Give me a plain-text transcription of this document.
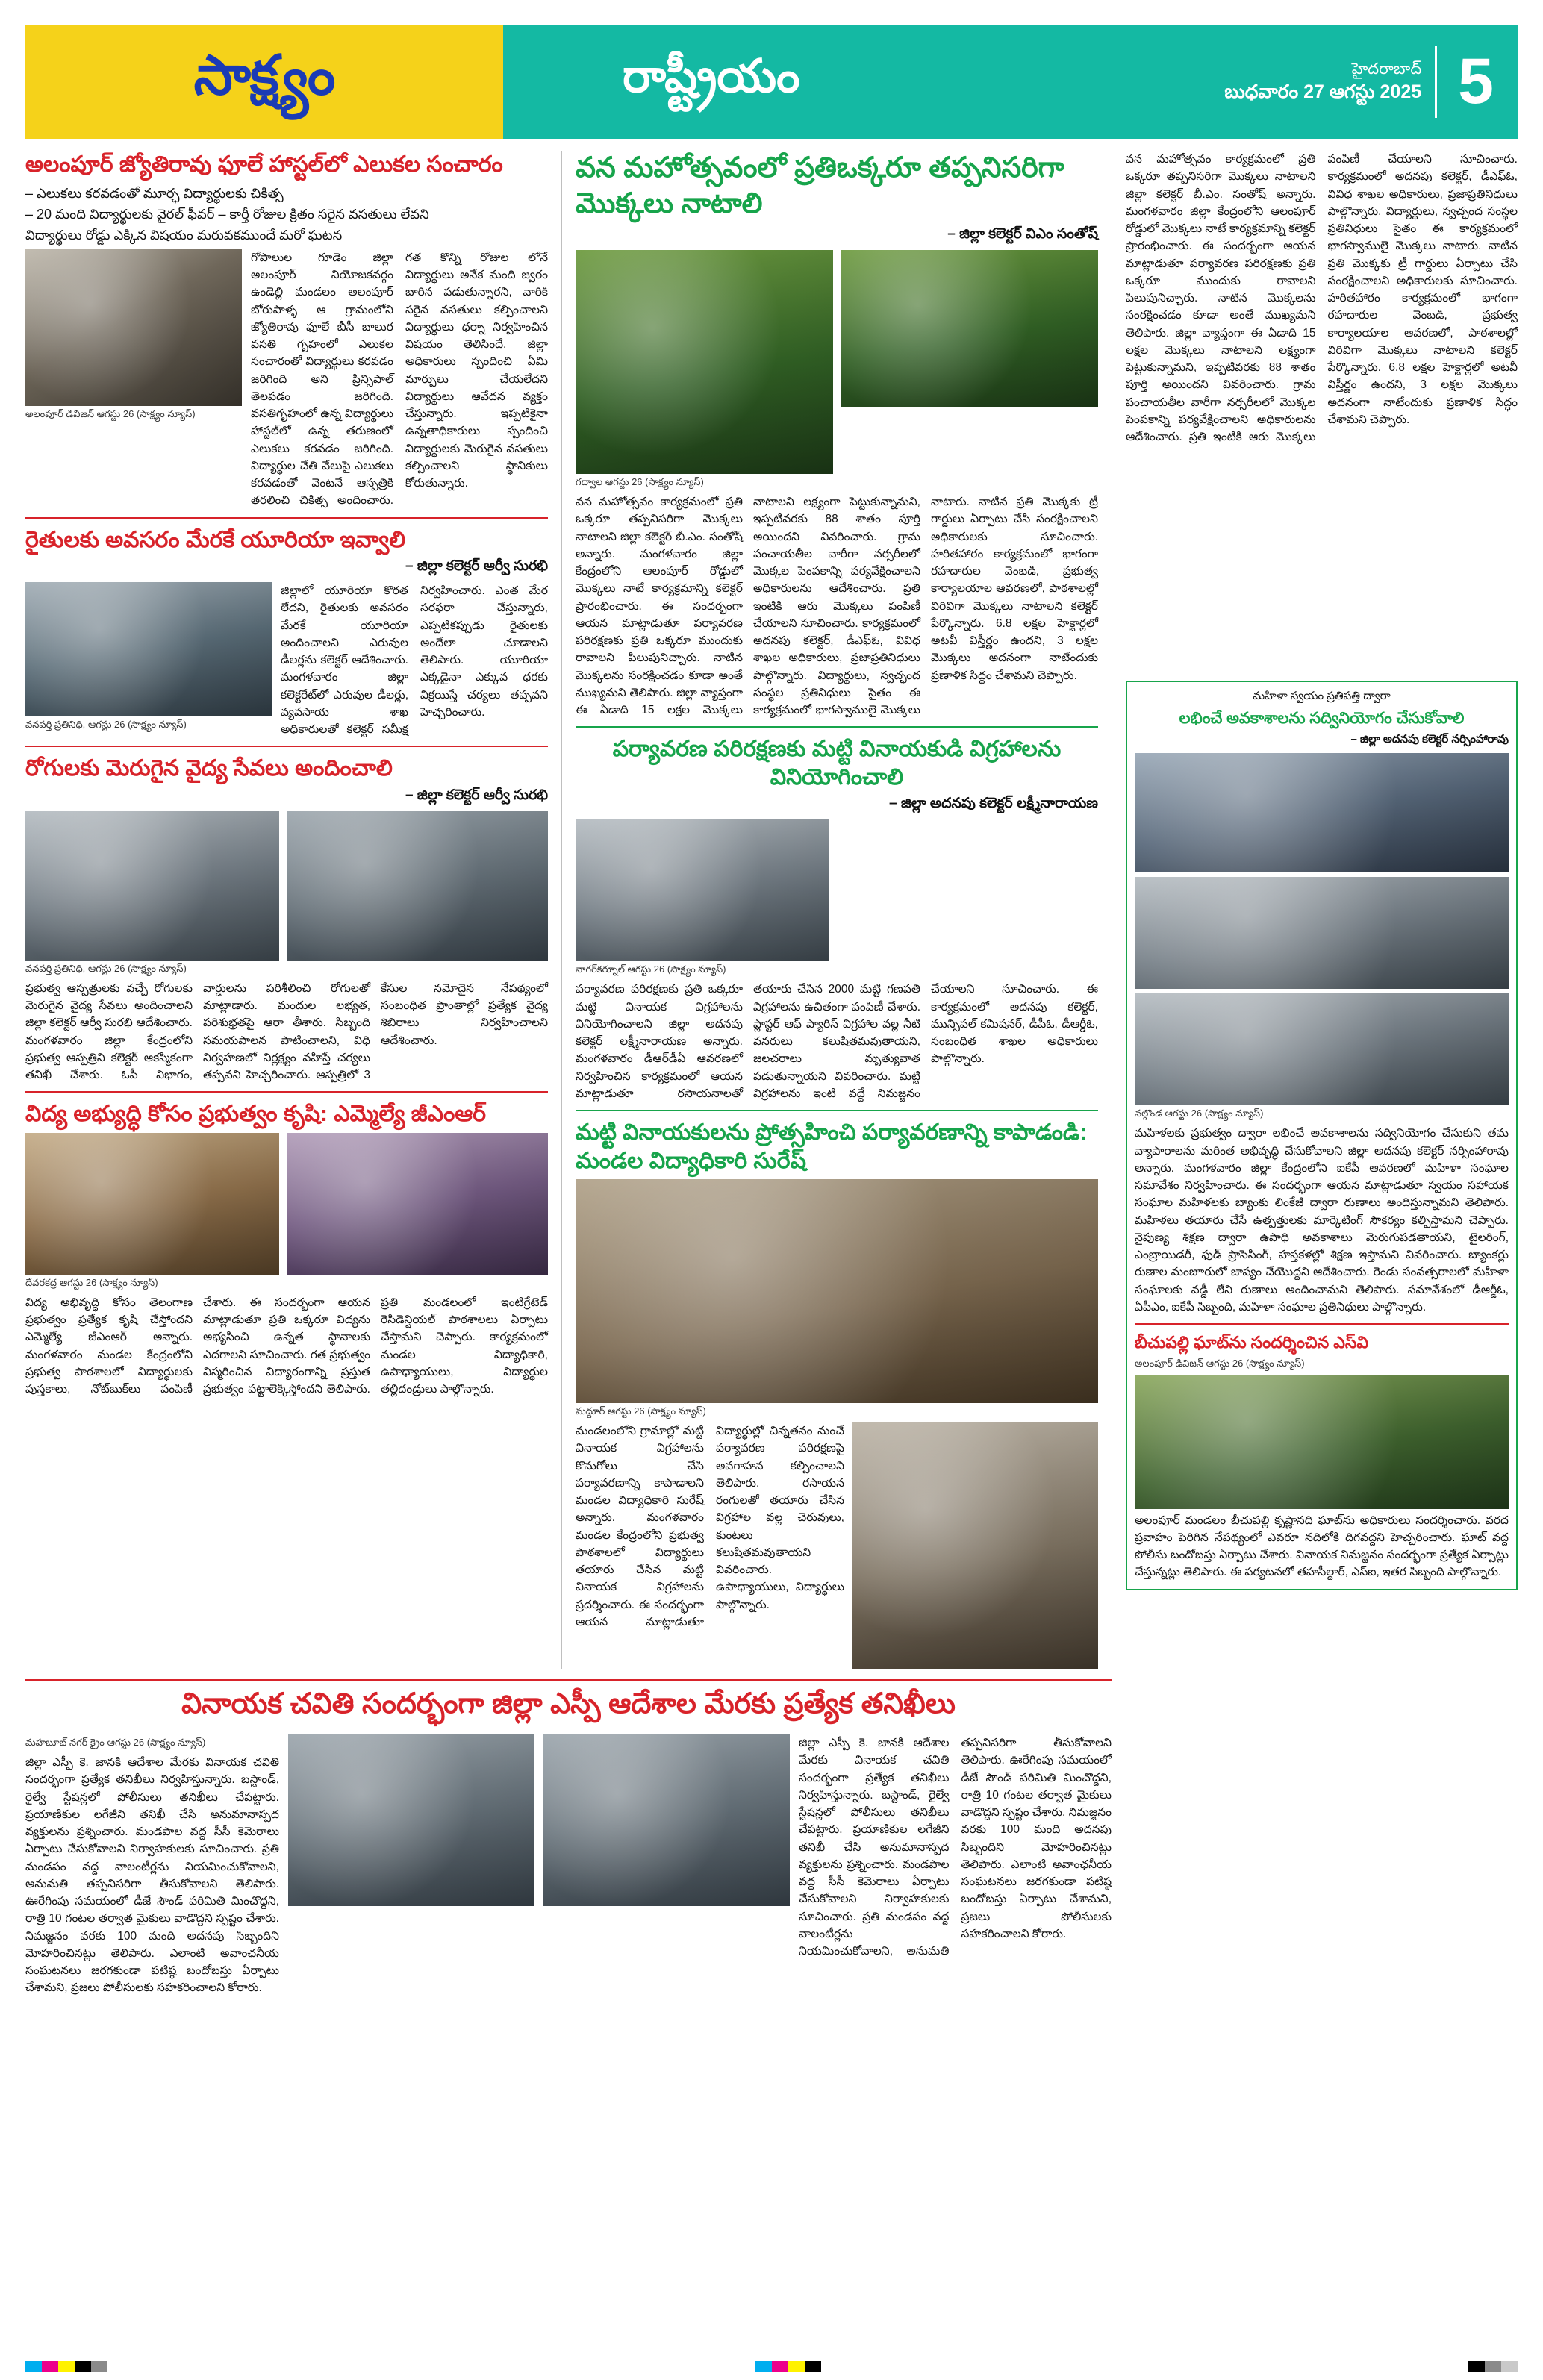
సాక్ష్యం	రాష్ట్రీయం	హైదరాబాద్
బుధవారం 27 ఆగస్టు 2025 5
అలంపూర్ జ్యోతిరావు ఫూలే హాస్టల్‌లో ఎలుకల సంచారం
– ఎలుకలు కరవడంతో మూర్ఛ విద్యార్థులకు చికిత్స
– 20 మంది విద్యార్థులకు వైరల్ ఫీవర్ – కార్తీ రోజుల క్రితం సరైన వసతులు లేవని
విద్యార్థులు రోడ్డు ఎక్కిన విషయం మరువకముందే మరో ఘటన
అలంపూర్ డివిజన్ ఆగస్టు 26 (సాక్ష్యం న్యూస్)
గోపాలుల గూడెం జిల్లా అలంపూర్ నియోజకవర్గం ఉండెల్లి మండలం అలంపూర్ బోరుపాళ్ళ ఆ గ్రామంలోని జ్యోతిరావు ఫూలే బీసీ బాలుర వసతి గృహంలో ఎలుకల సంచారంతో విద్యార్థులు కరవడం జరిగింది అని ప్రిన్సిపాల్ తెలపడం జరిగింది. వసతిగృహంలో ఉన్న విద్యార్థులు హాస్టల్‌లో ఉన్న తరుణంలో ఎలుకలు కరవడం జరిగింది. విద్యార్థుల చేతి వేలుపై ఎలుకలు కరవడంతో వెంటనే ఆస్పత్రికి తరలించి చికిత్స అందించారు. గత కొన్ని రోజుల లోనే విద్యార్థులు అనేక మంది జ్వరం బారిన పడుతున్నారని, వారికి సరైన వసతులు కల్పించాలని విద్యార్థులు ధర్నా నిర్వహించిన విషయం తెలిసిందే. జిల్లా అధికారులు స్పందించి ఏమి మార్పులు చేయలేదని విద్యార్థులు ఆవేదన వ్యక్తం చేస్తున్నారు. ఇప్పటికైనా ఉన్నతాధికారులు స్పందించి విద్యార్థులకు మెరుగైన వసతులు కల్పించాలని స్థానికులు కోరుతున్నారు.
రైతులకు అవసరం మేరకే యూరియా ఇవ్వాలి
– జిల్లా కలెక్టర్ ఆర్వీ సురభి
వనపర్తి ప్రతినిధి, ఆగస్టు 26 (సాక్ష్యం న్యూస్)
జిల్లాలో యూరియా కొరత లేదని, రైతులకు అవసరం మేరకే యూరియా అందించాలని ఎరువుల డీలర్లను కలెక్టర్ ఆదేశించారు. మంగళవారం జిల్లా కలెక్టరేట్‌లో ఎరువుల డీలర్లు, వ్యవసాయ శాఖ అధికారులతో కలెక్టర్ సమీక్ష నిర్వహించారు. ఎంత మేర సరఫరా చేస్తున్నారు, ఎప్పటికప్పుడు రైతులకు అందేలా చూడాలని తెలిపారు. యూరియా ఎక్కడైనా ఎక్కువ ధరకు విక్రయిస్తే చర్యలు తప్పవని హెచ్చరించారు.
రోగులకు మెరుగైన వైద్య సేవలు అందించాలి
– జిల్లా కలెక్టర్ ఆర్వీ సురభి
వనపర్తి ప్రతినిధి, ఆగస్టు 26 (సాక్ష్యం న్యూస్)
ప్రభుత్వ ఆస్పత్రులకు వచ్చే రోగులకు మెరుగైన వైద్య సేవలు అందించాలని జిల్లా కలెక్టర్ ఆర్వీ సురభి ఆదేశించారు. మంగళవారం జిల్లా కేంద్రంలోని ప్రభుత్వ ఆస్పత్రిని కలెక్టర్ ఆకస్మికంగా తనిఖీ చేశారు. ఓపీ విభాగం, వార్డులను పరిశీలించి రోగులతో మాట్లాడారు. మందుల లభ్యత, పరిశుభ్రతపై ఆరా తీశారు. సిబ్బంది సమయపాలన పాటించాలని, విధి నిర్వహణలో నిర్లక్ష్యం వహిస్తే చర్యలు తప్పవని హెచ్చరించారు. ఆస్పత్రిలో 3 కేసుల నమోదైన నేపథ్యంలో సంబంధిత ప్రాంతాల్లో ప్రత్యేక వైద్య శిబిరాలు నిర్వహించాలని ఆదేశించారు.
విద్య అభ్యుద్ధి కోసం ప్రభుత్వం కృషి: ఎమ్మెల్యే జీఎంఆర్
దేవరకద్ర ఆగస్టు 26 (సాక్ష్యం న్యూస్)
విద్య అభివృద్ధి కోసం తెలంగాణ ప్రభుత్వం ప్రత్యేక కృషి చేస్తోందని ఎమ్మెల్యే జీఎంఆర్ అన్నారు. మంగళవారం మండల కేంద్రంలోని ప్రభుత్వ పాఠశాలలో విద్యార్థులకు పుస్తకాలు, నోట్‌బుక్‌లు పంపిణీ చేశారు. ఈ సందర్భంగా ఆయన మాట్లాడుతూ ప్రతి ఒక్కరూ విద్యను అభ్యసించి ఉన్నత స్థానాలకు ఎదగాలని సూచించారు. గత ప్రభుత్వం విస్మరించిన విద్యారంగాన్ని ప్రస్తుత ప్రభుత్వం పట్టాలెక్కిస్తోందని తెలిపారు. ప్రతి మండలంలో ఇంటిగ్రేటెడ్ రెసిడెన్షియల్ పాఠశాలలు ఏర్పాటు చేస్తామని చెప్పారు. కార్యక్రమంలో మండల విద్యాధికారి, ఉపాధ్యాయులు, విద్యార్థుల తల్లిదండ్రులు పాల్గొన్నారు.
వన మహోత్సవంలో ప్రతిఒక్కరూ తప్పనిసరిగా మొక్కలు నాటాలి
– జిల్లా కలెక్టర్ విఎం సంతోష్
గద్వాల ఆగస్టు 26 (సాక్ష్యం న్యూస్)
వన మహోత్సవం కార్యక్రమంలో ప్రతి ఒక్కరూ తప్పనిసరిగా మొక్కలు నాటాలని జిల్లా కలెక్టర్ బీ.ఎం. సంతోష్ అన్నారు. మంగళవారం జిల్లా కేంద్రంలోని ఆలంపూర్ రోడ్డులో మొక్కలు నాటే కార్యక్రమాన్ని కలెక్టర్ ప్రారంభించారు. ఈ సందర్భంగా ఆయన మాట్లాడుతూ పర్యావరణ పరిరక్షణకు ప్రతి ఒక్కరూ ముందుకు రావాలని పిలుపునిచ్చారు. నాటిన మొక్కలను సంరక్షించడం కూడా అంతే ముఖ్యమని తెలిపారు. జిల్లా వ్యాప్తంగా ఈ ఏడాది 15 లక్షల మొక్కలు నాటాలని లక్ష్యంగా పెట్టుకున్నామని, ఇప్పటివరకు 88 శాతం పూర్తి అయిందని వివరించారు. గ్రామ పంచాయతీల వారీగా నర్సరీలలో మొక్కల పెంపకాన్ని పర్యవేక్షించాలని అధికారులను ఆదేశించారు. ప్రతి ఇంటికి ఆరు మొక్కలు పంపిణీ చేయాలని సూచించారు. కార్యక్రమంలో అదనపు కలెక్టర్, డీఎఫ్ఓ, వివిధ శాఖల అధికారులు, ప్రజాప్రతినిధులు పాల్గొన్నారు. విద్యార్థులు, స్వచ్ఛంద సంస్థల ప్రతినిధులు సైతం ఈ కార్యక్రమంలో భాగస్వాములై మొక్కలు నాటారు. నాటిన ప్రతి మొక్కకు ట్రీ గార్డులు ఏర్పాటు చేసి సంరక్షించాలని అధికారులకు సూచించారు. హరితహారం కార్యక్రమంలో భాగంగా రహదారుల వెంబడి, ప్రభుత్వ కార్యాలయాల ఆవరణలో, పాఠశాలల్లో విరివిగా మొక్కలు నాటాలని కలెక్టర్ పేర్కొన్నారు. 6.8 లక్షల హెక్టార్లలో అటవీ విస్తీర్ణం ఉందని, 3 లక్షల మొక్కలు అదనంగా నాటేందుకు ప్రణాళిక సిద్ధం చేశామని చెప్పారు.
పర్యావరణ పరిరక్షణకు మట్టి వినాయకుడి విగ్రహాలను వినియోగించాలి
– జిల్లా అదనపు కలెక్టర్ లక్ష్మీనారాయణ
నాగర్‌కర్నూల్ ఆగస్టు 26 (సాక్ష్యం న్యూస్)
పర్యావరణ పరిరక్షణకు ప్రతి ఒక్కరూ మట్టి వినాయక విగ్రహాలను వినియోగించాలని జిల్లా అదనపు కలెక్టర్ లక్ష్మీనారాయణ అన్నారు. మంగళవారం డీఆర్‌డీఏ ఆవరణలో నిర్వహించిన కార్యక్రమంలో ఆయన మాట్లాడుతూ రసాయనాలతో తయారు చేసిన 2000 మట్టి గణపతి విగ్రహాలను ఉచితంగా పంపిణీ చేశారు. ప్లాస్టర్ ఆఫ్ ప్యారిస్ విగ్రహాల వల్ల నీటి వనరులు కలుషితమవుతాయని, జలచరాలు మృత్యువాత పడుతున్నాయని వివరించారు. మట్టి విగ్రహాలను ఇంటి వద్దే నిమజ్జనం చేయాలని సూచించారు. ఈ కార్యక్రమంలో అదనపు కలెక్టర్, మున్సిపల్ కమిషనర్, డీపీఓ, డీఆర్డీఓ, సంబంధిత శాఖల అధికారులు పాల్గొన్నారు.
మట్టి వినాయకులను ప్రోత్సహించి పర్యావరణాన్ని కాపాడండి: మండల విద్యాధికారి సురేష్
మద్దూర్ ఆగస్టు 26 (సాక్ష్యం న్యూస్)
మండలంలోని గ్రామాల్లో మట్టి వినాయక విగ్రహాలను కొనుగోలు చేసి పర్యావరణాన్ని కాపాడాలని మండల విద్యాధికారి సురేష్ అన్నారు. మంగళవారం మండల కేంద్రంలోని ప్రభుత్వ పాఠశాలలో విద్యార్థులు తయారు చేసిన మట్టి వినాయక విగ్రహాలను ప్రదర్శించారు. ఈ సందర్భంగా ఆయన మాట్లాడుతూ విద్యార్థుల్లో చిన్నతనం నుంచే పర్యావరణ పరిరక్షణపై అవగాహన కల్పించాలని తెలిపారు. రసాయన రంగులతో తయారు చేసిన విగ్రహాల వల్ల చెరువులు, కుంటలు కలుషితమవుతాయని వివరించారు. ఉపాధ్యాయులు, విద్యార్థులు పాల్గొన్నారు.
వన మహోత్సవం కార్యక్రమంలో ప్రతి ఒక్కరూ తప్పనిసరిగా మొక్కలు నాటాలని జిల్లా కలెక్టర్ బీ.ఎం. సంతోష్ అన్నారు. మంగళవారం జిల్లా కేంద్రంలోని ఆలంపూర్ రోడ్డులో మొక్కలు నాటే కార్యక్రమాన్ని కలెక్టర్ ప్రారంభించారు. ఈ సందర్భంగా ఆయన మాట్లాడుతూ పర్యావరణ పరిరక్షణకు ప్రతి ఒక్కరూ ముందుకు రావాలని పిలుపునిచ్చారు. నాటిన మొక్కలను సంరక్షించడం కూడా అంతే ముఖ్యమని తెలిపారు. జిల్లా వ్యాప్తంగా ఈ ఏడాది 15 లక్షల మొక్కలు నాటాలని లక్ష్యంగా పెట్టుకున్నామని, ఇప్పటివరకు 88 శాతం పూర్తి అయిందని వివరించారు. గ్రామ పంచాయతీల వారీగా నర్సరీలలో మొక్కల పెంపకాన్ని పర్యవేక్షించాలని అధికారులను ఆదేశించారు. ప్రతి ఇంటికి ఆరు మొక్కలు పంపిణీ చేయాలని సూచించారు. కార్యక్రమంలో అదనపు కలెక్టర్, డీఎఫ్ఓ, వివిధ శాఖల అధికారులు, ప్రజాప్రతినిధులు పాల్గొన్నారు. విద్యార్థులు, స్వచ్ఛంద సంస్థల ప్రతినిధులు సైతం ఈ కార్యక్రమంలో భాగస్వాములై మొక్కలు నాటారు. నాటిన ప్రతి మొక్కకు ట్రీ గార్డులు ఏర్పాటు చేసి సంరక్షించాలని అధికారులకు సూచించారు. హరితహారం కార్యక్రమంలో భాగంగా రహదారుల వెంబడి, ప్రభుత్వ కార్యాలయాల ఆవరణలో, పాఠశాలల్లో విరివిగా మొక్కలు నాటాలని కలెక్టర్ పేర్కొన్నారు. 6.8 లక్షల హెక్టార్లలో అటవీ విస్తీర్ణం ఉందని, 3 లక్షల మొక్కలు అదనంగా నాటేందుకు ప్రణాళిక సిద్ధం చేశామని చెప్పారు.
మహిళా స్వయం ప్రతిపత్తి ద్వారా
లభించే అవకాశాలను సద్వినియోగం చేసుకోవాలి
– జిల్లా అదనపు కలెక్టర్ నర్సింహారావు
నల్గొండ ఆగస్టు 26 (సాక్ష్యం న్యూస్)
మహిళలకు ప్రభుత్వం ద్వారా లభించే అవకాశాలను సద్వినియోగం చేసుకుని తమ వ్యాపారాలను మరింత అభివృద్ధి చేసుకోవాలని జిల్లా అదనపు కలెక్టర్ నర్సింహారావు అన్నారు. మంగళవారం జిల్లా కేంద్రంలోని ఐకేపీ ఆవరణలో మహిళా సంఘాల సమావేశం నిర్వహించారు. ఈ సందర్భంగా ఆయన మాట్లాడుతూ స్వయం సహాయక సంఘాల మహిళలకు బ్యాంకు లింకేజీ ద్వారా రుణాలు అందిస్తున్నామని తెలిపారు. మహిళలు తయారు చేసే ఉత్పత్తులకు మార్కెటింగ్ సౌకర్యం కల్పిస్తామని చెప్పారు. నైపుణ్య శిక్షణ ద్వారా ఉపాధి అవకాశాలు మెరుగుపడతాయని, టైలరింగ్, ఎంబ్రాయిడరీ, ఫుడ్ ప్రాసెసింగ్, హస్తకళల్లో శిక్షణ ఇస్తామని వివరించారు. బ్యాంకర్లు రుణాల మంజూరులో జాప్యం చేయొద్దని ఆదేశించారు. రెండు సంవత్సరాలలో మహిళా సంఘాలకు వడ్డీ లేని రుణాలు అందించామని తెలిపారు. సమావేశంలో డీఆర్డీఓ, ఏపీఎం, ఐకేపీ సిబ్బంది, మహిళా సంఘాల ప్రతినిధులు పాల్గొన్నారు.
బీచుపల్లి ఘాట్‌ను సందర్శించిన ఎస్‌వి
అలంపూర్ డివిజన్ ఆగస్టు 26 (సాక్ష్యం న్యూస్)
అలంపూర్ మండలం బీచుపల్లి కృష్ణానది ఘాట్‌ను అధికారులు సందర్శించారు. వరద ప్రవాహం పెరిగిన నేపథ్యంలో ఎవరూ నదిలోకి దిగవద్దని హెచ్చరించారు. ఘాట్ వద్ద పోలీసు బందోబస్తు ఏర్పాటు చేశారు. వినాయక నిమజ్జనం సందర్భంగా ప్రత్యేక ఏర్పాట్లు చేస్తున్నట్లు తెలిపారు. ఈ పర్యటనలో తహసీల్దార్, ఎస్ఐ, ఇతర సిబ్బంది పాల్గొన్నారు.
వినాయక చవితి సందర్భంగా జిల్లా ఎస్పీ ఆదేశాల మేరకు ప్రత్యేక తనిఖీలు
మహబూబ్ నగర్ క్రైం ఆగస్టు 26 (సాక్ష్యం న్యూస్)
జిల్లా ఎస్పీ కె. జానకి ఆదేశాల మేరకు వినాయక చవితి సందర్భంగా ప్రత్యేక తనిఖీలు నిర్వహిస్తున్నారు. బస్టాండ్, రైల్వే స్టేషన్లలో పోలీసులు తనిఖీలు చేపట్టారు. ప్రయాణికుల లగేజీని తనిఖీ చేసి అనుమానాస్పద వ్యక్తులను ప్రశ్నించారు. మండపాల వద్ద సీసీ కెమెరాలు ఏర్పాటు చేసుకోవాలని నిర్వాహకులకు సూచించారు. ప్రతి మండపం వద్ద వాలంటీర్లను నియమించుకోవాలని, అనుమతి తప్పనిసరిగా తీసుకోవాలని తెలిపారు. ఊరేగింపు సమయంలో డీజే సౌండ్ పరిమితి మించొద్దని, రాత్రి 10 గంటల తర్వాత మైకులు వాడొద్దని స్పష్టం చేశారు. నిమజ్జనం వరకు 100 మంది అదనపు సిబ్బందిని మోహరించినట్లు తెలిపారు. ఎలాంటి అవాంఛనీయ సంఘటనలు జరగకుండా పటిష్ఠ బందోబస్తు ఏర్పాటు చేశామని, ప్రజలు పోలీసులకు సహకరించాలని కోరారు.
జిల్లా ఎస్పీ కె. జానకి ఆదేశాల మేరకు వినాయక చవితి సందర్భంగా ప్రత్యేక తనిఖీలు నిర్వహిస్తున్నారు. బస్టాండ్, రైల్వే స్టేషన్లలో పోలీసులు తనిఖీలు చేపట్టారు. ప్రయాణికుల లగేజీని తనిఖీ చేసి అనుమానాస్పద వ్యక్తులను ప్రశ్నించారు. మండపాల వద్ద సీసీ కెమెరాలు ఏర్పాటు చేసుకోవాలని నిర్వాహకులకు సూచించారు. ప్రతి మండపం వద్ద వాలంటీర్లను నియమించుకోవాలని, అనుమతి తప్పనిసరిగా తీసుకోవాలని తెలిపారు. ఊరేగింపు సమయంలో డీజే సౌండ్ పరిమితి మించొద్దని, రాత్రి 10 గంటల తర్వాత మైకులు వాడొద్దని స్పష్టం చేశారు. నిమజ్జనం వరకు 100 మంది అదనపు సిబ్బందిని మోహరించినట్లు తెలిపారు. ఎలాంటి అవాంఛనీయ సంఘటనలు జరగకుండా పటిష్ఠ బందోబస్తు ఏర్పాటు చేశామని, ప్రజలు పోలీసులకు సహకరించాలని కోరారు.
